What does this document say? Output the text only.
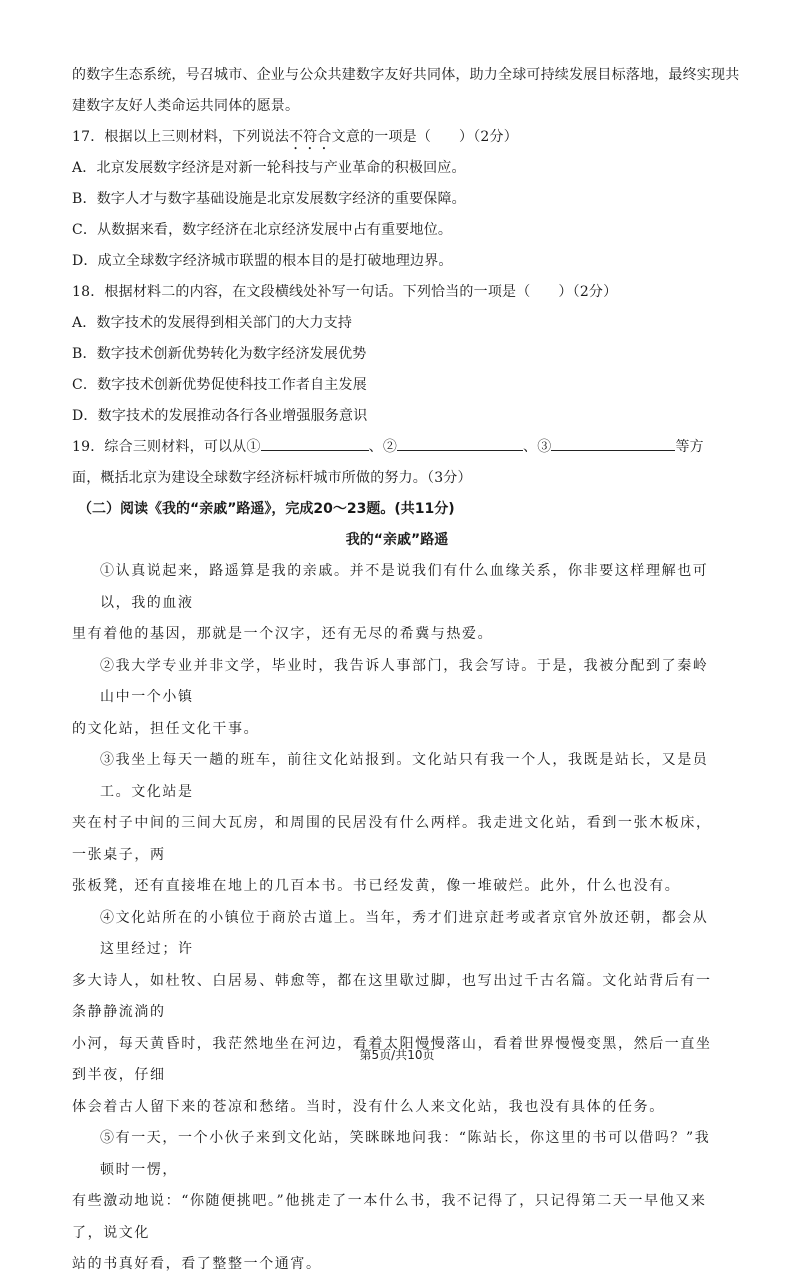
的数字生态系统，号召城市、企业与公众共建数字友好共同体，助力全球可持续发展目标落地，最终实现共

建数字友好人类命运共同体的愿景。

17．根据以上三则材料，下列说法不符合文意的一项是（ ）（2分）

A．北京发展数字经济是对新一轮科技与产业革命的积极回应。

B．数字人才与数字基础设施是北京发展数字经济的重要保障。

C．从数据来看，数字经济在北京经济发展中占有重要地位。

D．成立全球数字经济城市联盟的根本目的是打破地理边界。

18．根据材料二的内容，在文段横线处补写一句话。下列恰当的一项是（ ）（2分）

A．数字技术的发展得到相关部门的大力支持

B．数字技术创新优势转化为数字经济发展优势

C．数字技术创新优势促使科技工作者自主发展

D．数字技术的发展推动各行各业增强服务意识

19．综合三则材料，可以从①	、②	、③	等方

面，概括北京为建设全球数字经济标杆城市所做的努力。（3分）

（二）阅读《我的“亲戚”路遥》，完成20～23题。(共11分)

我的“亲戚”路遥

①认真说起来，路遥算是我的亲戚。并不是说我们有什么血缘关系，你非要这样理解也可以，我的血液

里有着他的基因，那就是一个汉字，还有无尽的希冀与热爱。

②我大学专业并非文学，毕业时，我告诉人事部门，我会写诗。于是，我被分配到了秦岭山中一个小镇

的文化站，担任文化干事。

③我坐上每天一趟的班车，前往文化站报到。文化站只有我一个人，我既是站长，又是员工。文化站是

夹在村子中间的三间大瓦房，和周围的民居没有什么两样。我走进文化站，看到一张木板床，一张桌子，两

张板凳，还有直接堆在地上的几百本书。书已经发黄，像一堆破烂。此外，什么也没有。

④文化站所在的小镇位于商於古道上。当年，秀才们进京赶考或者京官外放还朝，都会从这里经过；许

多大诗人，如杜牧、白居易、韩愈等，都在这里歇过脚，也写出过千古名篇。文化站背后有一条静静流淌的

小河，每天黄昏时，我茫然地坐在河边，看着太阳慢慢落山，看着世界慢慢变黑，然后一直坐到半夜，仔细

体会着古人留下来的苍凉和愁绪。当时，没有什么人来文化站，我也没有具体的任务。

⑤有一天，一个小伙子来到文化站，笑眯眯地问我：“陈站长，你这里的书可以借吗？”我顿时一愣，

有些激动地说：“你随便挑吧。”他挑走了一本什么书，我不记得了，只记得第二天一早他又来了，说文化

站的书真好看，看了整整一个通宵。

第5页/共10页
